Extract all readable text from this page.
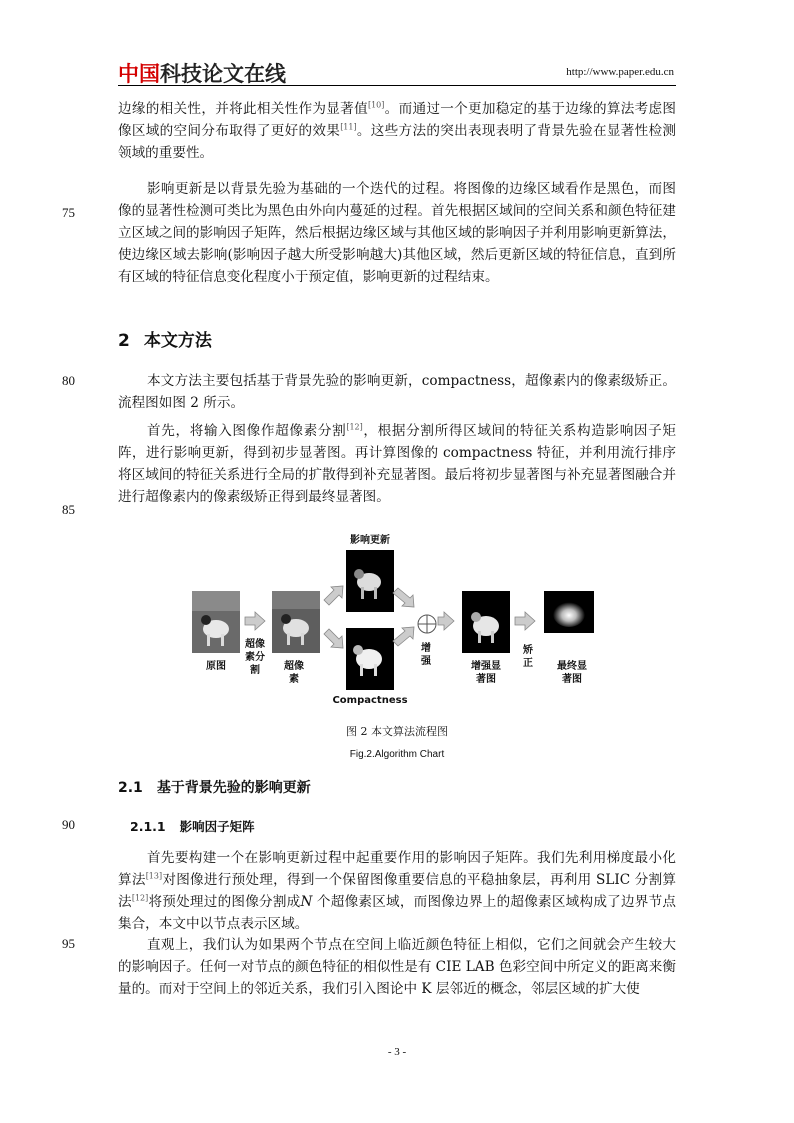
中国科技论文在线	http://www.paper.edu.cn

边缘的相关性，并将此相关性作为显著值[10]。而通过一个更加稳定的基于边缘的算法考虑图像区域的空间分布取得了更好的效果[11]。这些方法的突出表现表明了背景先验在显著性检测领域的重要性。

影响更新是以背景先验为基础的一个迭代的过程。将图像的边缘区域看作是黑色，而图像的显著性检测可类比为黑色由外向内蔓延的过程。首先根据区域间的空间关系和颜色特征建立区域之间的影响因子矩阵，然后根据边缘区域与其他区域的影响因子并利用影响更新算法，使边缘区域去影响(影响因子越大所受影响越大)其他区域，然后更新区域的特征信息，直到所有区域的特征信息变化程度小于预定值，影响更新的过程结束。

75
2 本文方法

本文方法主要包括基于背景先验的影响更新，compactness，超像素内的像素级矫正。流程图如图 2 所示。

80

首先，将输入图像作超像素分割[12]，根据分割所得区域间的特征关系构造影响因子矩阵，进行影响更新，得到初步显著图。再计算图像的 compactness 特征，并利用流行排序将区域间的特征关系进行全局的扩散得到补充显著图。最后将初步显著图与补充显著图融合并进行超像素内的像素级矫正得到最终显著图。

85
影响更新
Compactness
原图
超像
素分
割	超像
素
增
强	增强显
著图
矫
正	最终显
著图
图 2 本文算法流程图
Fig.2.Algorithm Chart
2.1 基于背景先验的影响更新
2.1.1 影响因子矩阵
90

首先要构建一个在影响更新过程中起重要作用的影响因子矩阵。我们先利用梯度最小化算法[13]对图像进行预处理，得到一个保留图像重要信息的平稳抽象层，再利用 SLIC 分割算法[12]将预处理过的图像分割成N 个超像素区域，而图像边界上的超像素区域构成了边界节点集合，本文中以节点表示区域。

直观上，我们认为如果两个节点在空间上临近颜色特征上相似，它们之间就会产生较大的影响因子。任何一对节点的颜色特征的相似性是有 CIE LAB 色彩空间中所定义的距离来衡量的。而对于空间上的邻近关系，我们引入图论中 K 层邻近的概念，邻层区域的扩大使

95
- 3 -
